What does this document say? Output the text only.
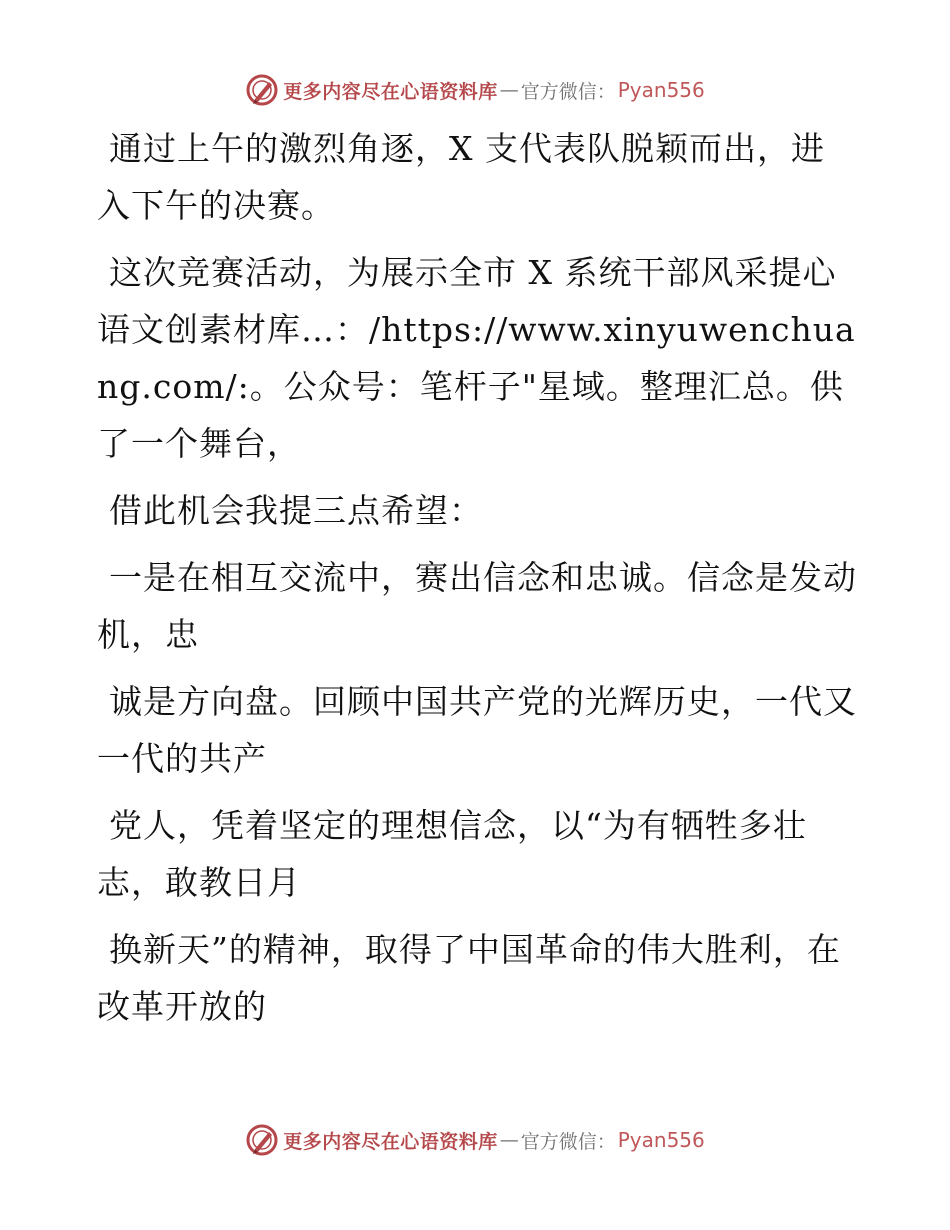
更多内容尽在心语资料库 — 官方微信： Pyan556

通过上午的激烈角逐，X 支代表队脱颖而出，进入下午的决赛。

这次竞赛活动，为展示全市 X 系统干部风采提心语文创素材库…：/https://www.xinyuwenchuang.com/:。公众号：笔杆子"星域。整理汇总。供了一个舞台，

借此机会我提三点希望：

一是在相互交流中，赛出信念和忠诚。信念是发动机，忠

诚是方向盘。回顾中国共产党的光辉历史，一代又一代的共产

党人，凭着坚定的理想信念，以“为有牺牲多壮志，敢教日月

换新天”的精神，取得了中国革命的伟大胜利，在改革开放的

更多内容尽在心语资料库 — 官方微信： Pyan556
